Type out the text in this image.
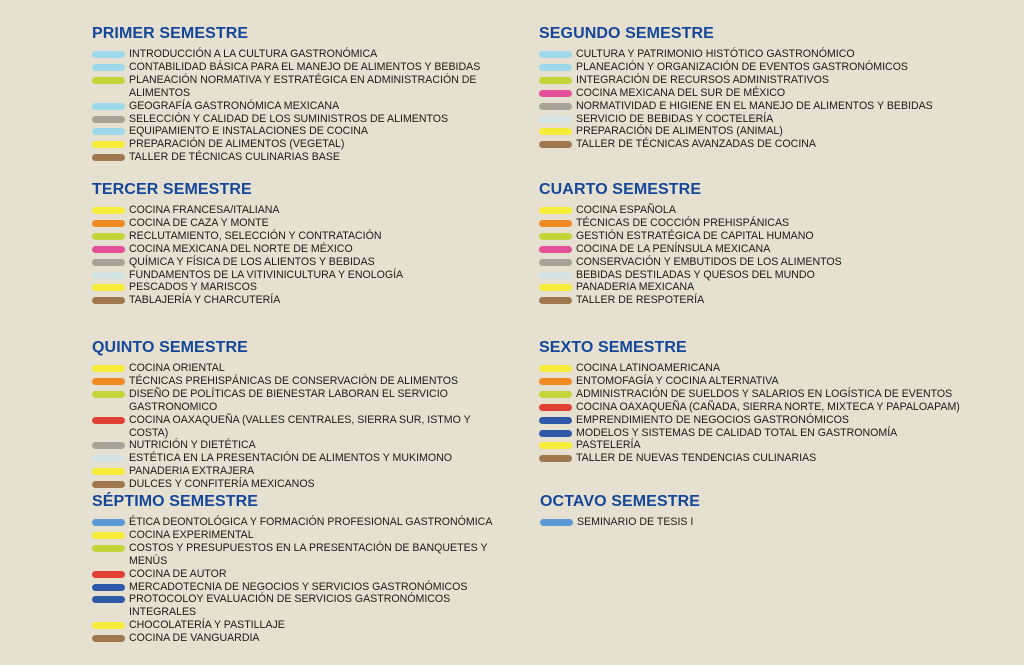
PRIMER SEMESTRE
INTRODUCCIÓN A LA CULTURA GASTRONÓMICA
CONTABILIDAD BÁSICA PARA EL MANEJO DE ALIMENTOS Y BEBIDAS
PLANEACIÓN NORMATIVA Y ESTRATÉGICA EN ADMINISTRACIÓN DE ALIMENTOS
GEOGRAFÍA GASTRONÓMICA MEXICANA
SELECCIÓN Y CALIDAD DE LOS SUMINISTROS DE ALIMENTOS
EQUIPAMIENTO E INSTALACIONES DE COCINA
PREPARACIÓN DE ALIMENTOS (VEGETAL)
TALLER DE TÉCNICAS CULINARIAS BASE
SEGUNDO SEMESTRE
CULTURA Y PATRIMONIO HISTÓTICO GASTRONÓMICO
PLANEACIÓN Y ORGANIZACIÓN DE EVENTOS GASTRONÓMICOS
INTEGRACIÓN DE RECURSOS ADMINISTRATIVOS
COCINA MEXICANA DEL SUR DE MÉXICO
NORMATIVIDAD E HIGIENE EN EL MANEJO DE ALIMENTOS Y BEBIDAS
SERVICIO DE BEBIDAS Y COCTELERÍA
PREPARACIÓN DE ALIMENTOS (ANIMAL)
TALLER DE TÉCNICAS AVANZADAS DE COCINA
TERCER SEMESTRE
COCINA FRANCESA/ITALIANA
COCINA DE CAZA Y MONTE
RECLUTAMIENTO, SELECCIÓN Y CONTRATACIÓN
COCINA MEXICANA DEL NORTE DE MÉXICO
QUÍMICA Y FÍSICA DE LOS ALIENTOS Y BEBIDAS
FUNDAMENTOS DE LA VITIVINICULTURA Y ENOLOGÍA
PESCADOS Y MARISCOS
TABLAJERÍA Y CHARCUTERÍA
CUARTO SEMESTRE
COCINA ESPAÑOLA
TÉCNICAS DE COCCIÓN PREHISPÁNICAS
GESTIÓN ESTRATÉGICA DE CAPITAL HUMANO
COCINA DE LA PENÍNSULA MEXICANA
CONSERVACIÓN Y EMBUTIDOS DE LOS ALIMENTOS
BEBIDAS DESTILADAS Y QUESOS DEL MUNDO
PANADERIA MEXICANA
TALLER DE RESPOTERÍA
QUINTO SEMESTRE
COCINA ORIENTAL
TÉCNICAS PREHISPÁNICAS DE CONSERVACIÓN DE ALIMENTOS
DISEÑO DE POLÍTICAS DE BIENESTAR LABORAN EL SERVICIO GASTRONOMICO
COCINA OAXAQUEÑA (VALLES CENTRALES, SIERRA SUR, ISTMO Y COSTA)
NUTRICIÓN Y DIETÉTICA
ESTÉTICA EN LA PRESENTACIÓN DE ALIMENTOS Y MUKIMONO
PANADERIA EXTRAJERA
DULCES Y CONFITERÍA MEXICANOS
SEXTO SEMESTRE
COCINA LATINOAMERICANA
ENTOMOFAGÍA Y COCINA ALTERNATIVA
ADMINISTRACIÓN DE SUELDOS Y SALARIOS EN LOGÍSTICA DE EVENTOS
COCINA OAXAQUEÑA (CAÑADA, SIERRA NORTE, MIXTECA Y PAPALOAPAM)
EMPRENDIMIENTO DE NEGOCIOS GASTRONÓMICOS
MODELOS Y SISTEMAS DE CALIDAD TOTAL EN GASTRONOMÍA
PASTELERÍA
TALLER DE NUEVAS TENDENCIAS CULINARIAS
SÉPTIMO SEMESTRE
ÉTICA DEONTOLÓGICA Y FORMACIÓN PROFESIONAL GASTRONÓMICA
COCINA EXPERIMENTAL
COSTOS Y PRESUPUESTOS EN LA PRESENTACIÓN DE BANQUETES Y MENÚS
COCINA DE AUTOR
MERCADOTECNIA DE NEGOCIOS Y SERVICIOS GASTRONÓMICOS
PROTOCOLOY EVALUACIÓN DE SERVICIOS GASTRONÓMICOS INTEGRALES
CHOCOLATERÍA Y PASTILLAJE
COCINA DE VANGUARDIA
OCTAVO SEMESTRE
SEMINARIO DE TESIS I
